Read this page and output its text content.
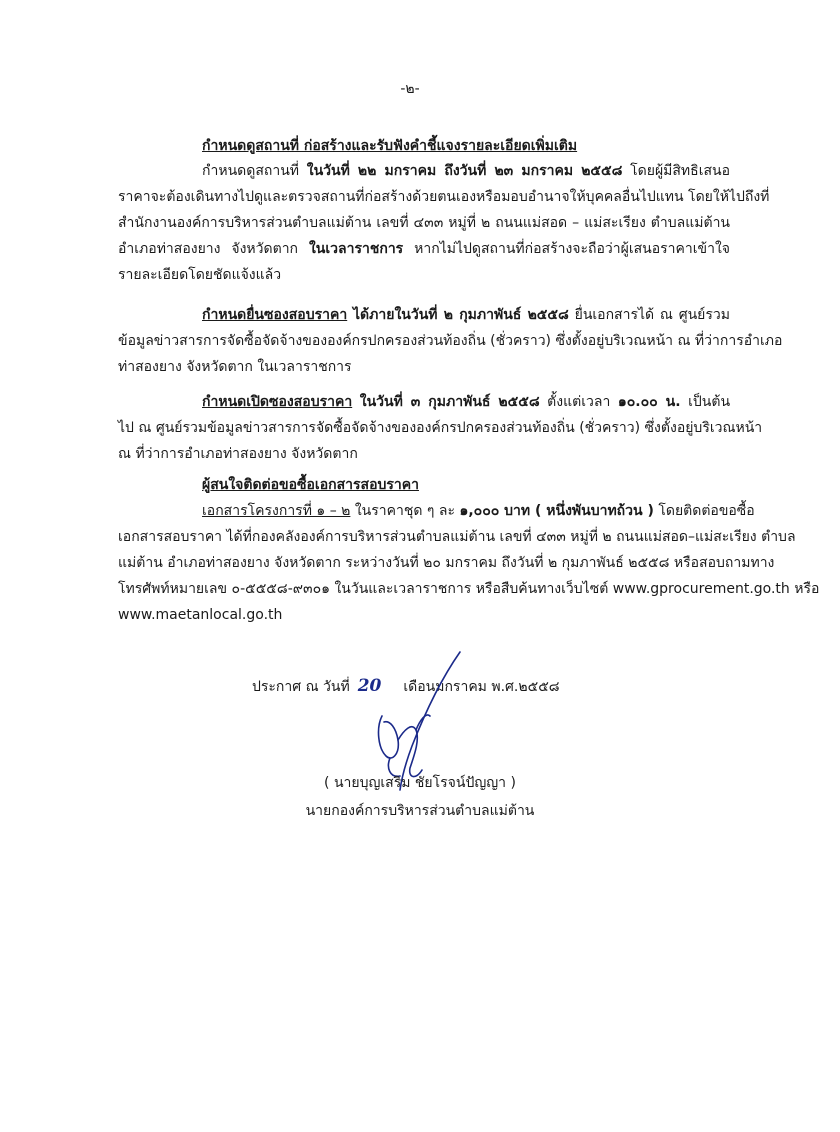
-๒-

กำหนดดูสถานที่ ก่อสร้างและรับฟังคำชี้แจงรายละเอียดเพิ่มเติม

กำหนดดูสถานที่ ในวันที่ ๒๒ มกราคม ถึงวันที่ ๒๓ มกราคม ๒๕๕๘ โดยผู้มีสิทธิเสนอ
ราคาจะต้องเดินทางไปดูและตรวจสถานที่ก่อสร้างด้วยตนเองหรือมอบอำนาจให้บุคคลอื่นไปแทน โดยให้ไปถึงที่
สำนักงานองค์การบริหารส่วนตำบลแม่ต้าน เลขที่ ๔๓๓ หมู่ที่ ๒ ถนนแม่สอด – แม่สะเรียง ตำบลแม่ต้าน
อำเภอท่าสองยาง จังหวัดตาก ในเวลาราชการ หากไม่ไปดูสถานที่ก่อสร้างจะถือว่าผู้เสนอราคาเข้าใจ
รายละเอียดโดยชัดแจ้งแล้ว

กำหนดยื่นซองสอบราคา ได้ภายในวันที่ ๒ กุมภาพันธ์ ๒๕๕๘ ยื่นเอกสารได้ ณ ศูนย์รวม
ข้อมูลข่าวสารการจัดซื้อจัดจ้างขององค์กรปกครองส่วนท้องถิ่น (ชั่วคราว) ซึ่งตั้งอยู่บริเวณหน้า ณ ที่ว่าการอำเภอ
ท่าสองยาง จังหวัดตาก ในเวลาราชการ

กำหนดเปิดซองสอบราคา ในวันที่ ๓ กุมภาพันธ์ ๒๕๕๘ ตั้งแต่เวลา ๑๐.๐๐ น. เป็นต้น
ไป ณ ศูนย์รวมข้อมูลข่าวสารการจัดซื้อจัดจ้างขององค์กรปกครองส่วนท้องถิ่น (ชั่วคราว) ซึ่งตั้งอยู่บริเวณหน้า
ณ ที่ว่าการอำเภอท่าสองยาง จังหวัดตาก

ผู้สนใจติดต่อขอซื้อเอกสารสอบราคา

เอกสารโครงการที่ ๑ – ๒ ในราคาชุด ๆ ละ ๑,๐๐๐ บาท ( หนึ่งพันบาทถ้วน ) โดยติดต่อขอซื้อ
เอกสารสอบราคา ได้ที่กองคลังองค์การบริหารส่วนตำบลแม่ต้าน เลขที่ ๔๓๓ หมู่ที่ ๒ ถนนแม่สอด–แม่สะเรียง ตำบล
แม่ต้าน อำเภอท่าสองยาง จังหวัดตาก ระหว่างวันที่ ๒๐ มกราคม ถึงวันที่ ๒ กุมภาพันธ์ ๒๕๕๘ หรือสอบถามทาง
โทรศัพท์หมายเลข ๐-๕๕๕๘-๙๓๐๑ ในวันและเวลาราชการ หรือสืบค้นทางเว็บไซต์ www.gprocurement.go.th หรือ
www.maetanlocal.go.th

ประกาศ ณ วันที่ 20 เดือนมกราคม พ.ศ.๒๕๕๘

( นายบุญเสริม ชัยโรจน์ปัญญา )

นายกองค์การบริหารส่วนตำบลแม่ต้าน
